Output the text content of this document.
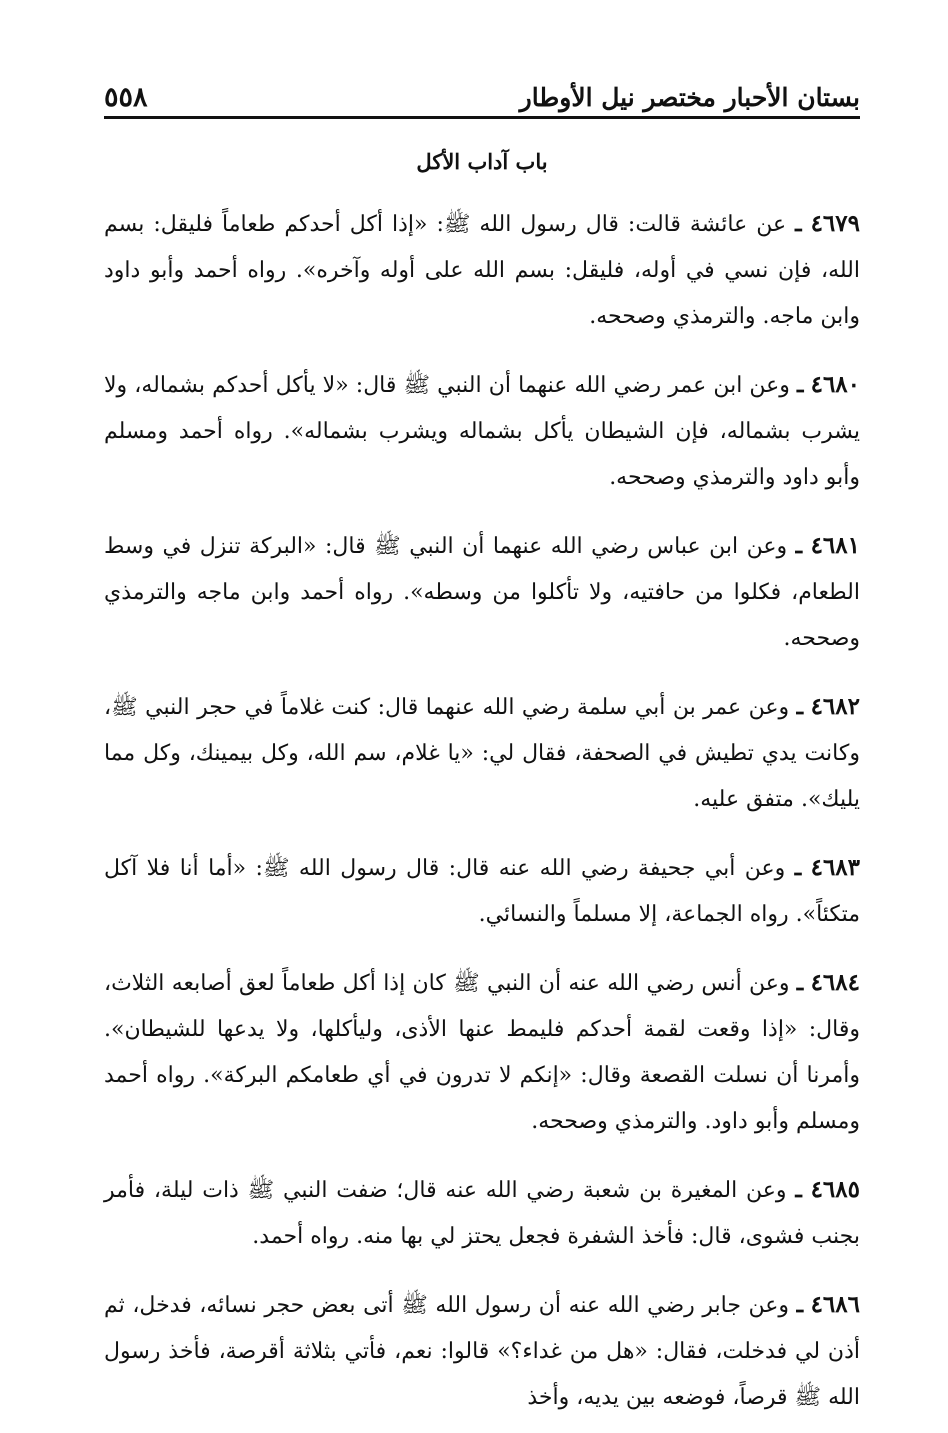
بستان الأحبار مختصر نيل الأوطار
٥٥٨
باب آداب الأكل

٤٦٧٩ ـ عن عائشة قالت: قال رسول الله ﷺ: «إذا أكل أحدكم طعاماً فليقل: بسم الله، فإن نسي في أوله، فليقل: بسم الله على أوله وآخره». رواه أحمد وأبو داود وابن ماجه. والترمذي وصححه.

٤٦٨٠ ـ وعن ابن عمر رضي الله عنهما أن النبي ﷺ قال: «لا يأكل أحدكم بشماله، ولا يشرب بشماله، فإن الشيطان يأكل بشماله ويشرب بشماله». رواه أحمد ومسلم وأبو داود والترمذي وصححه.

٤٦٨١ ـ وعن ابن عباس رضي الله عنهما أن النبي ﷺ قال: «البركة تنزل في وسط الطعام، فكلوا من حافتيه، ولا تأكلوا من وسطه». رواه أحمد وابن ماجه والترمذي وصححه.

٤٦٨٢ ـ وعن عمر بن أبي سلمة رضي الله عنهما قال: كنت غلاماً في حجر النبي ﷺ، وكانت يدي تطيش في الصحفة، فقال لي: «يا غلام، سم الله، وكل بيمينك، وكل مما يليك». متفق عليه.

٤٦٨٣ ـ وعن أبي جحيفة رضي الله عنه قال: قال رسول الله ﷺ: «أما أنا فلا آكل متكئاً». رواه الجماعة، إلا مسلماً والنسائي.

٤٦٨٤ ـ وعن أنس رضي الله عنه أن النبي ﷺ كان إذا أكل طعاماً لعق أصابعه الثلاث، وقال: «إذا وقعت لقمة أحدكم فليمط عنها الأذى، وليأكلها، ولا يدعها للشيطان». وأمرنا أن نسلت القصعة وقال: «إنكم لا تدرون في أي طعامكم البركة». رواه أحمد ومسلم وأبو داود. والترمذي وصححه.

٤٦٨٥ ـ وعن المغيرة بن شعبة رضي الله عنه قال؛ ضفت النبي ﷺ ذات ليلة، فأمر بجنب فشوى، قال: فأخذ الشفرة فجعل يحتز لي بها منه. رواه أحمد.

٤٦٨٦ ـ وعن جابر رضي الله عنه أن رسول الله ﷺ أتى بعض حجر نسائه، فدخل، ثم أذن لي فدخلت، فقال: «هل من غداء؟» قالوا: نعم، فأتي بثلاثة أقرصة، فأخذ رسول الله ﷺ قرصاً، فوضعه بين يديه، وأخذ
